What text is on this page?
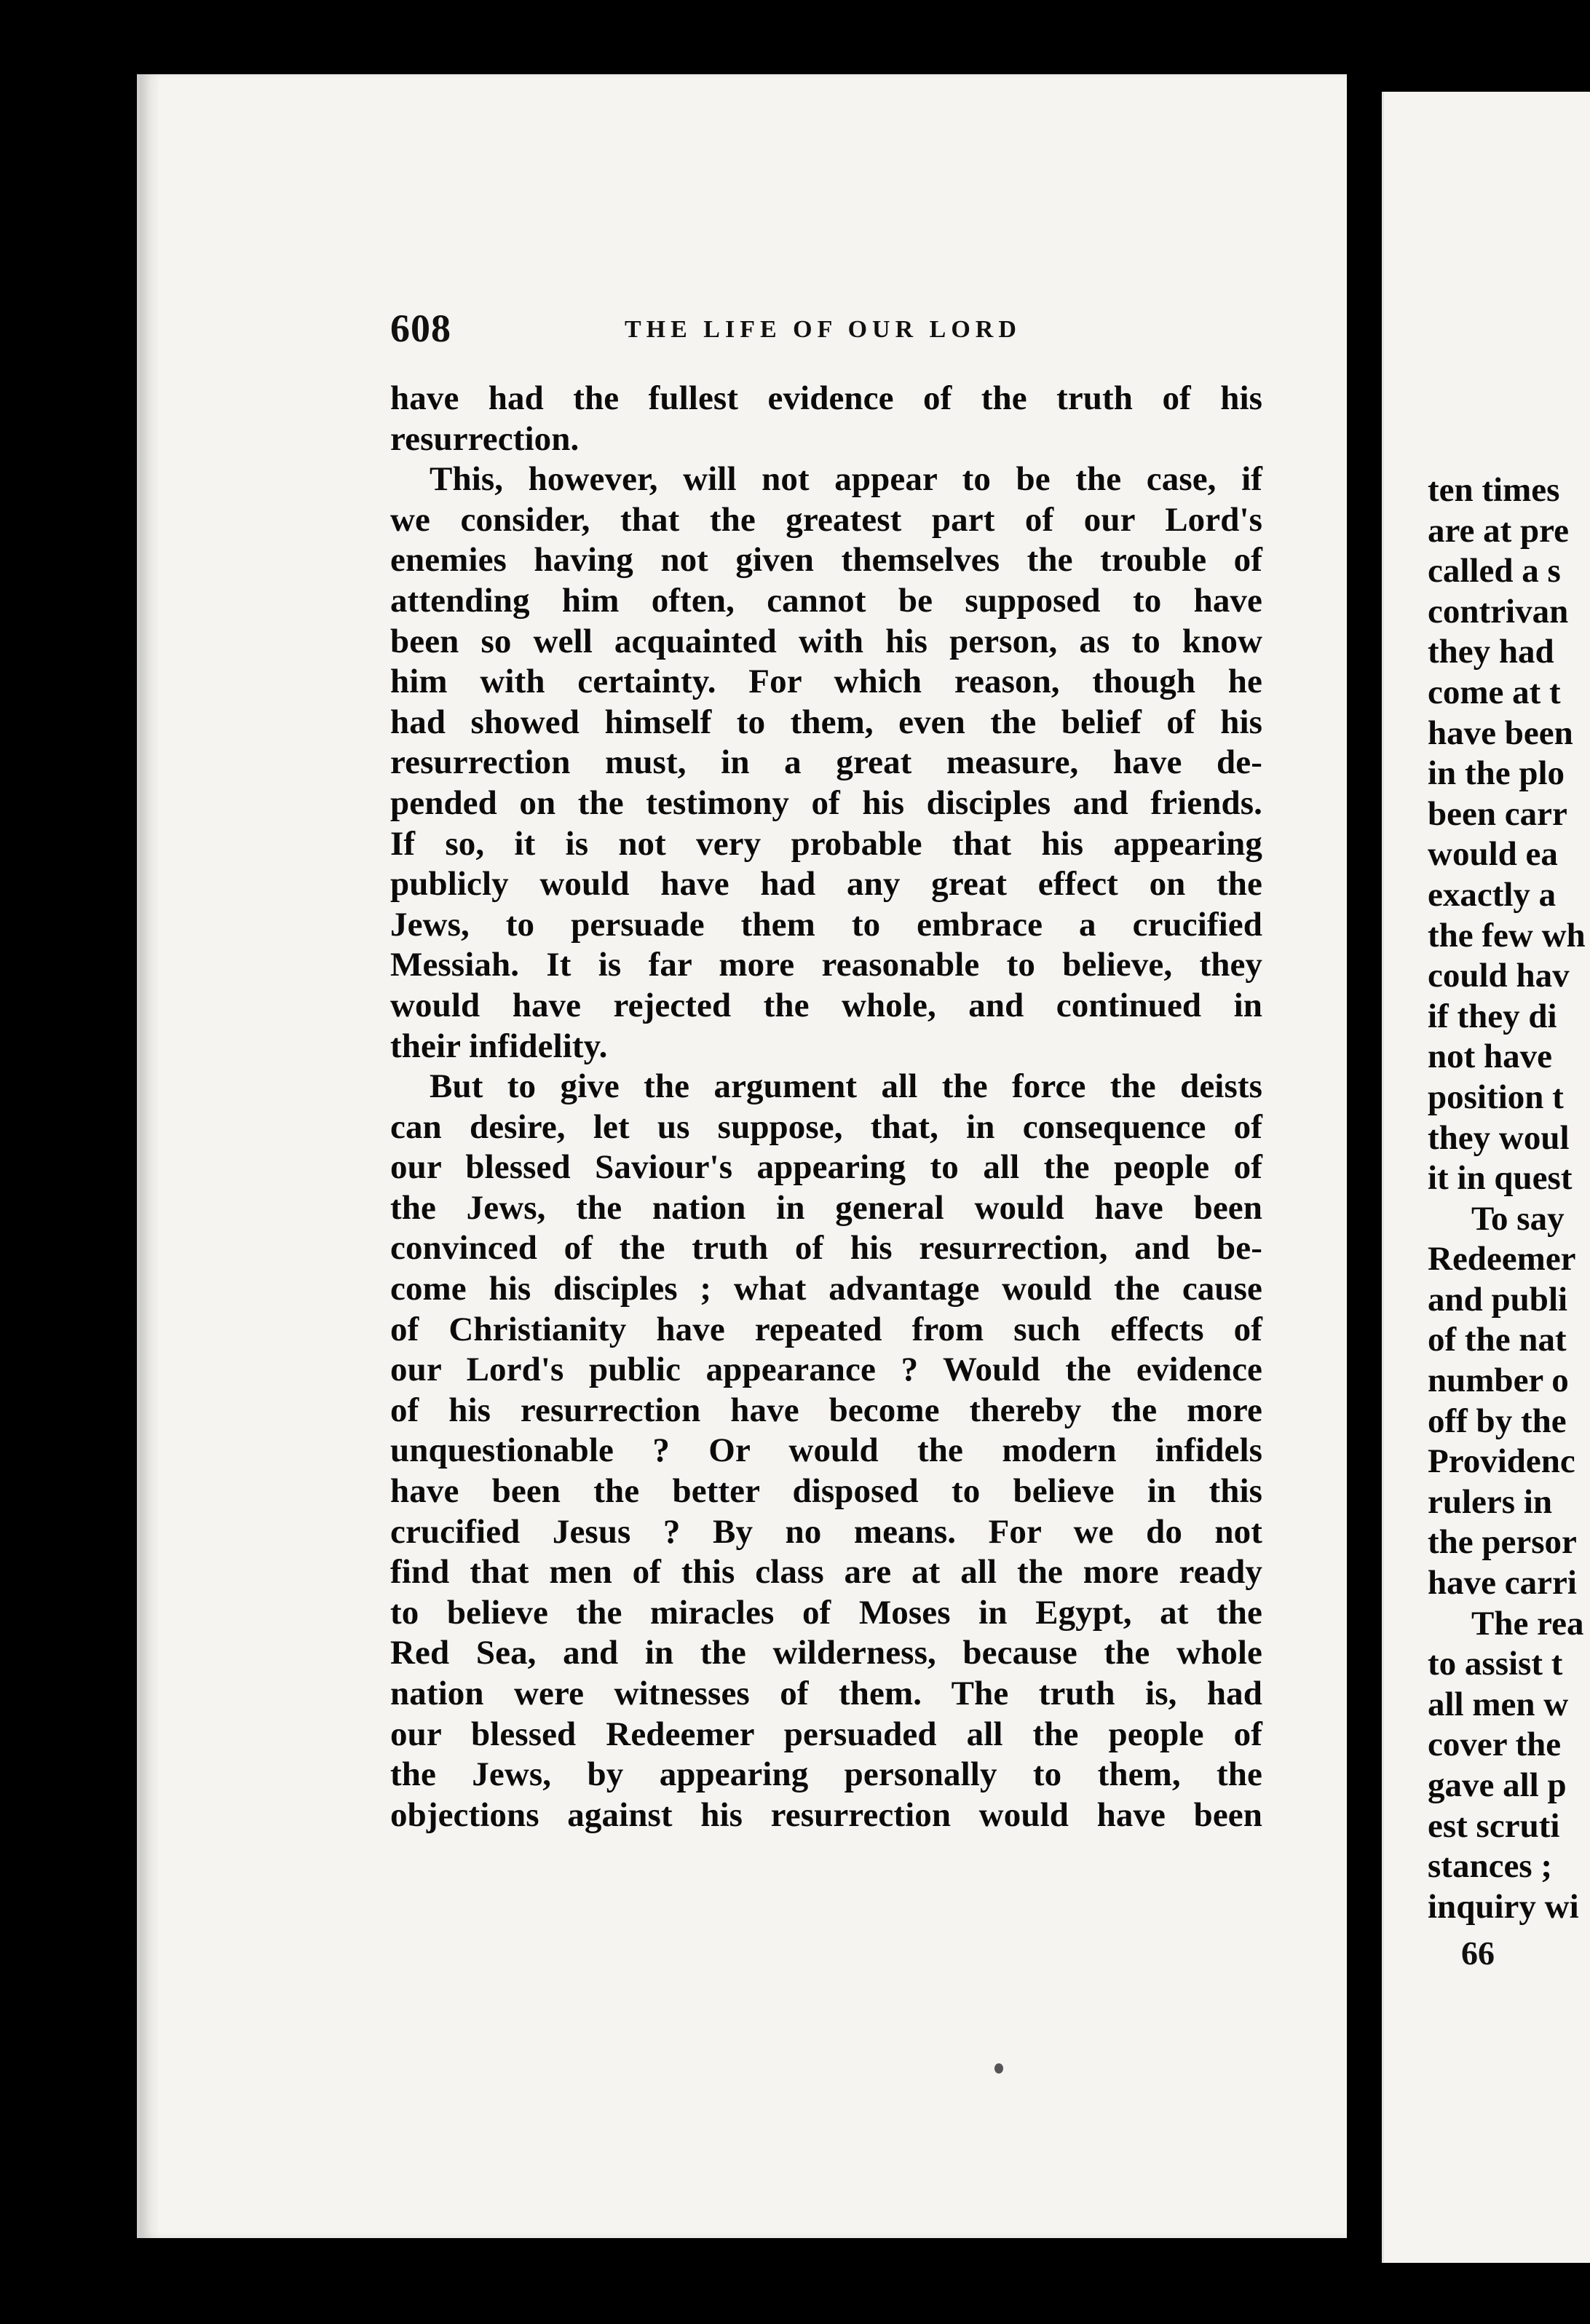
ten times
are at pre
called a s
contrivan
they had
come at t
have been
in the plo
been carr
would ea
exactly a
the few wh
could hav
if they di
not have
position t
they woul
it in quest
To say
Redeemer
and publi
of the nat
number o
off by the
Providenc
rulers in
the persor
have carri
The rea
to assist t
all men w
cover the
gave all p
est scruti
stances ;
inquiry wi
66
608	THE LIFE OF OUR LORD
have had the fullest evidence of the truth of his
resurrection.
This, however, will not appear to be the case, if
we consider, that the greatest part of our Lord's
enemies having not given themselves the trouble of
attending him often, cannot be supposed to have
been so well acquainted with his person, as to know
him with certainty. For which reason, though he
had showed himself to them, even the belief of his
resurrection must, in a great measure, have de-
pended on the testimony of his disciples and friends.
If so, it is not very probable that his appearing
publicly would have had any great effect on the
Jews, to persuade them to embrace a crucified
Messiah. It is far more reasonable to believe, they
would have rejected the whole, and continued in
their infidelity.
But to give the argument all the force the deists
can desire, let us suppose, that, in consequence of
our blessed Saviour's appearing to all the people of
the Jews, the nation in general would have been
convinced of the truth of his resurrection, and be-
come his disciples ; what advantage would the cause
of Christianity have repeated from such effects of
our Lord's public appearance ? Would the evidence
of his resurrection have become thereby the more
unquestionable ? Or would the modern infidels
have been the better disposed to believe in this
crucified Jesus ? By no means. For we do not
find that men of this class are at all the more ready
to believe the miracles of Moses in Egypt, at the
Red Sea, and in the wilderness, because the whole
nation were witnesses of them. The truth is, had
our blessed Redeemer persuaded all the people of
the Jews, by appearing personally to them, the
objections against his resurrection would have been
